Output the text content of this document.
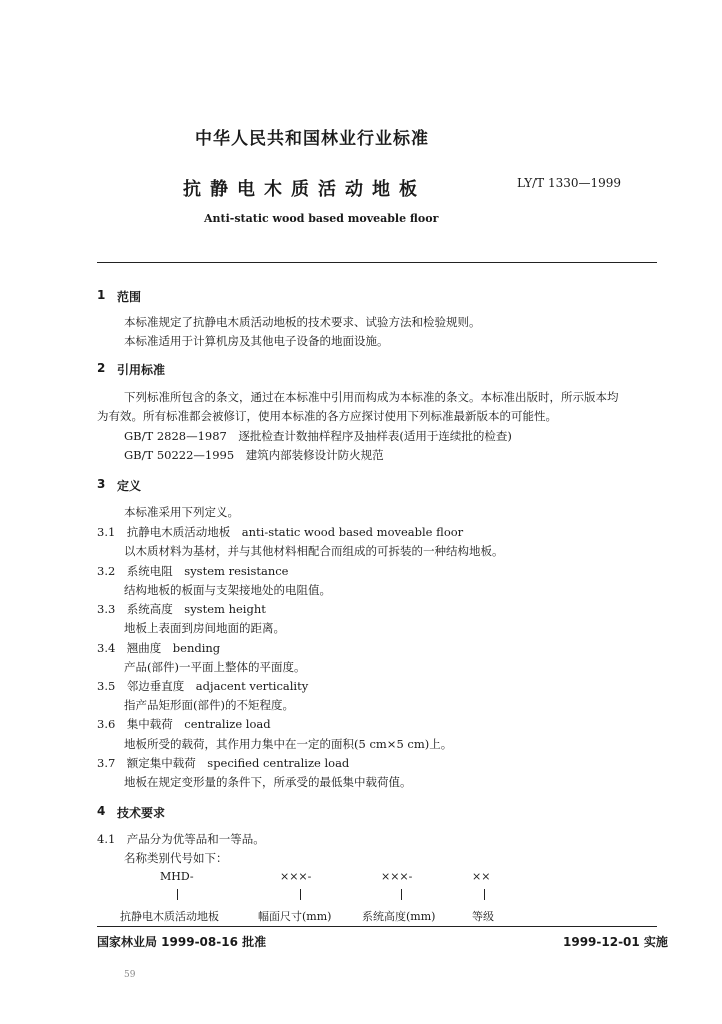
中华人民共和国林业行业标准
抗静电木质活动地板	LY/T 1330—1999
Anti-static wood based moveable floor
1 范围
本标准规定了抗静电木质活动地板的技术要求、试验方法和检验规则。
本标准适用于计算机房及其他电子设备的地面设施。
2 引用标准
下列标准所包含的条文，通过在本标准中引用而构成为本标准的条文。本标准出版时，所示版本均
为有效。所有标准都会被修订，使用本标准的各方应探讨使用下列标准最新版本的可能性。
GB/T 2828—1987　逐批检查计数抽样程序及抽样表(适用于连续批的检查)
GB/T 50222—1995　建筑内部装修设计防火规范
3 定义
本标准采用下列定义。
3.1　抗静电木质活动地板　anti-static wood based moveable floor
以木质材料为基材，并与其他材料相配合而组成的可拆装的一种结构地板。
3.2　系统电阻　system resistance
结构地板的板面与支架接地处的电阻值。
3.3　系统高度　system height
地板上表面到房间地面的距离。
3.4　翘曲度　bending
产品(部件)一平面上整体的平面度。
3.5　邻边垂直度　adjacent verticality
指产品矩形面(部件)的不矩程度。
3.6　集中载荷　centralize load
地板所受的载荷，其作用力集中在一定的面积(5 cm×5 cm)上。
3.7　额定集中载荷　specified centralize load
地板在规定变形量的条件下，所承受的最低集中载荷值。
4 技术要求
4.1　产品分为优等品和一等品。
名称类别代号如下：
MHD-	×××-	×××-	××
抗静电木质活动地板	幅面尺寸(mm)	系统高度(mm)	等级
国家林业局 1999-08-16 批准	1999-12-01 实施
59
